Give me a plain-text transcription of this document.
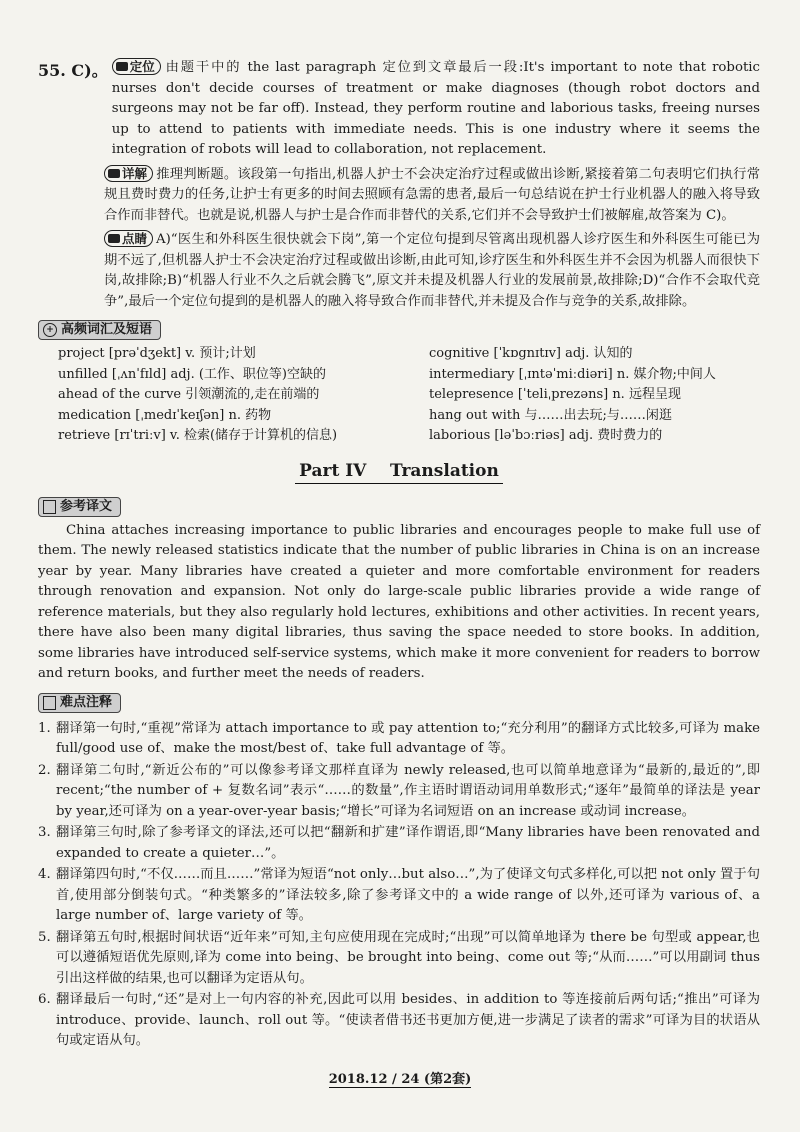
55. C)。 定位 由题干中的 the last paragraph 定位到文章最后一段:It's important to note that robotic nurses don't decide courses of treatment or make diagnoses (though robot doctors and surgeons may not be far off). Instead, they perform routine and laborious tasks, freeing nurses up to attend to patients with immediate needs. This is one industry where it seems the integration of robots will lead to collaboration, not replacement.

详解 推理判断题。该段第一句指出,机器人护士不会决定治疗过程或做出诊断,紧接着第二句表明它们执行常规且费时费力的任务,让护士有更多的时间去照顾有急需的患者,最后一句总结说在护士行业机器人的融入将导致合作而非替代。也就是说,机器人与护士是合作而非替代的关系,它们并不会导致护士们被解雇,故答案为 C)。

点睛 A)“医生和外科医生很快就会下岗”,第一个定位句提到尽管离出现机器人诊疗医生和外科医生可能已为期不远了,但机器人护士不会决定治疗过程或做出诊断,由此可知,诊疗医生和外科医生并不会因为机器人而很快下岗,故排除;B)“机器人行业不久之后就会腾飞”,原文并未提及机器人行业的发展前景,故排除;D)“合作不会取代竞争”,最后一个定位句提到的是机器人的融入将导致合作而非替代,并未提及合作与竞争的关系,故排除。

+ 高频词汇及短语
project [prəˈdʒekt] v. 预计;计划
unfilled [ˌʌnˈfɪld] adj. (工作、职位等)空缺的
ahead of the curve 引领潮流的,走在前端的
medication [ˌmedɪˈkeɪʃən] n. 药物
retrieve [rɪˈtriːv] v. 检索(储存于计算机的信息)
cognitive [ˈkɒgnɪtɪv] adj. 认知的
intermediary [ˌɪntəˈmiːdiəri] n. 媒介物;中间人
telepresence [ˈteliˌprezəns] n. 远程呈现
hang out with 与……出去玩;与……闲逛
laborious [ləˈbɔːriəs] adj. 费时费力的
Part IV    Translation
参考译文

China attaches increasing importance to public libraries and encourages people to make full use of them. The newly released statistics indicate that the number of public libraries in China is on an increase year by year. Many libraries have created a quieter and more comfortable environment for readers through renovation and expansion. Not only do large-scale public libraries provide a wide range of reference materials, but they also regularly hold lectures, exhibitions and other activities. In recent years, there have also been many digital libraries, thus saving the space needed to store books. In addition, some libraries have introduced self-service systems, which make it more convenient for readers to borrow and return books, and further meet the needs of readers.

难点注释
1. 翻译第一句时,“重视”常译为 attach importance to 或 pay attention to;“充分利用”的翻译方式比较多,可译为 make full/good use of、make the most/best of、take full advantage of 等。
2. 翻译第二句时,“新近公布的”可以像参考译文那样直译为 newly released,也可以简单地意译为“最新的,最近的”,即 recent;“the number of + 复数名词”表示“……的数量”,作主语时谓语动词用单数形式;“逐年”最简单的译法是 year by year,还可译为 on a year-over-year basis;“增长”可译为名词短语 on an increase 或动词 increase。
3. 翻译第三句时,除了参考译文的译法,还可以把“翻新和扩建”译作谓语,即“Many libraries have been renovated and expanded to create a quieter…”。
4. 翻译第四句时,“不仅……而且……”常译为短语“not only…but also…”,为了使译文句式多样化,可以把 not only 置于句首,使用部分倒装句式。“种类繁多的”译法较多,除了参考译文中的 a wide range of 以外,还可译为 various of、a large number of、large variety of 等。
5. 翻译第五句时,根据时间状语“近年来”可知,主句应使用现在完成时;“出现”可以简单地译为 there be 句型或 appear,也可以遵循短语优先原则,译为 come into being、be brought into being、come out 等;“从而……”可以用副词 thus 引出这样做的结果,也可以翻译为定语从句。
6. 翻译最后一句时,“还”是对上一句内容的补充,因此可以用 besides、in addition to 等连接前后两句话;“推出”可译为 introduce、provide、launch、roll out 等。“使读者借书还书更加方便,进一步满足了读者的需求”可译为目的状语从句或定语从句。
2018.12 / 24 (第2套)
